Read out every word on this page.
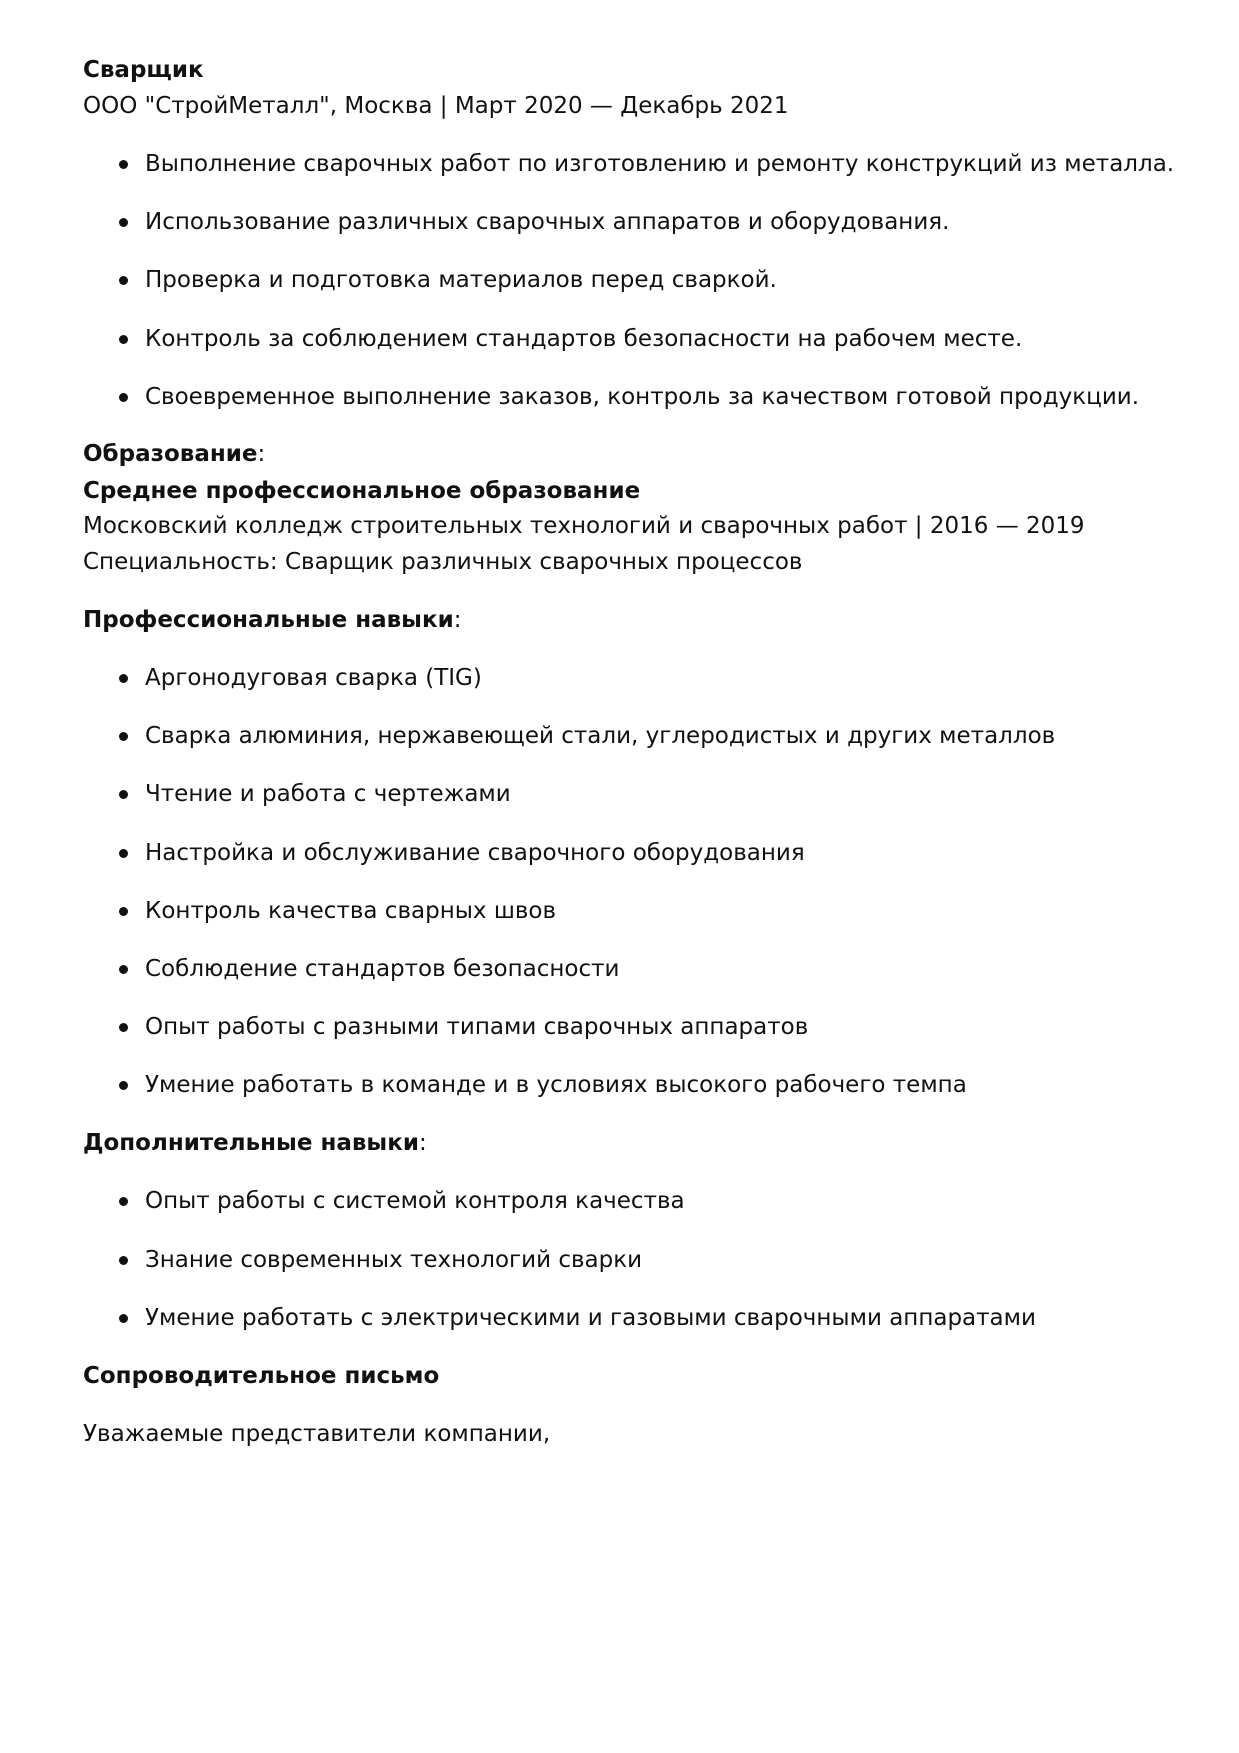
Сварщик
ООО "СтройМеталл", Москва | Март 2020 — Декабрь 2021
Выполнение сварочных работ по изготовлению и ремонту конструкций из металла.
Использование различных сварочных аппаратов и оборудования.
Проверка и подготовка материалов перед сваркой.
Контроль за соблюдением стандартов безопасности на рабочем месте.
Своевременное выполнение заказов, контроль за качеством готовой продукции.
Образование:
Среднее профессиональное образование
Московский колледж строительных технологий и сварочных работ | 2016 — 2019
Специальность: Сварщик различных сварочных процессов
Профессиональные навыки:
Аргонодуговая сварка (TIG)
Сварка алюминия, нержавеющей стали, углеродистых и других металлов
Чтение и работа с чертежами
Настройка и обслуживание сварочного оборудования
Контроль качества сварных швов
Соблюдение стандартов безопасности
Опыт работы с разными типами сварочных аппаратов
Умение работать в команде и в условиях высокого рабочего темпа
Дополнительные навыки:
Опыт работы с системой контроля качества
Знание современных технологий сварки
Умение работать с электрическими и газовыми сварочными аппаратами
Сопроводительное письмо
Уважаемые представители компании,
